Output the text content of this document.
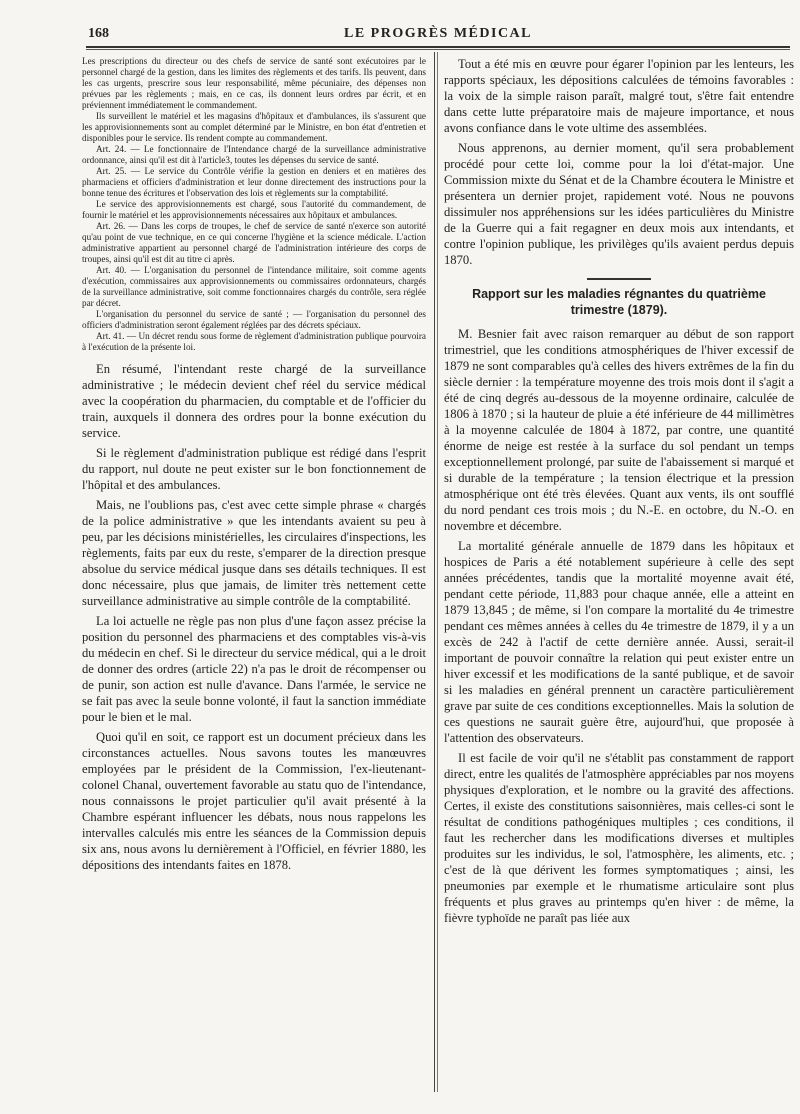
168	LE PROGRÈS MÉDICAL

Les prescriptions du directeur ou des chefs de service de santé sont exécutoires par le personnel chargé de la gestion, dans les limites des règlements et des tarifs. Ils peuvent, dans les cas urgents, prescrire sous leur responsabilité, même pécuniaire, des dépenses non prévues par les règlements ; mais, en ce cas, ils donnent leurs ordres par écrit, et en préviennent immédiatement le commandement.

Ils surveillent le matériel et les magasins d'hôpitaux et d'ambulances, ils s'assurent que les approvisionnements sont au complet déterminé par le Ministre, en bon état d'entretien et disponibles pour le service. Ils rendent compte au commandement.

Art. 24. — Le fonctionnaire de l'Intendance chargé de la surveillance administrative ordonnance, ainsi qu'il est dit à l'article3, toutes les dépenses du service de santé.

Art. 25. — Le service du Contrôle vérifie la gestion en deniers et en matières des pharmaciens et officiers d'administration et leur donne directement des instructions pour la bonne tenue des écritures et l'observation des lois et règlements sur la comptabilité.

Le service des approvisionnements est chargé, sous l'autorité du commandement, de fournir le matériel et les approvisionnements nécessaires aux hôpitaux et ambulances.

Art. 26. — Dans les corps de troupes, le chef de service de santé n'exerce son autorité qu'au point de vue technique, en ce qui concerne l'hygiène et la science médicale. L'action administrative appartient au personnel chargé de l'administration intérieure des corps de troupes, ainsi qu'il est dit au titre ci après.

Art. 40. — L'organisation du personnel de l'intendance militaire, soit comme agents d'exécution, commissaires aux approvisionnements ou commissaires ordonnateurs, chargés de la surveillance administrative, soit comme fonctionnaires chargés du contrôle, sera réglée par décret.

L'organisation du personnel du service de santé ; — l'organisation du personnel des officiers d'administration seront également réglées par des décrets spéciaux.

Art. 41. — Un décret rendu sous forme de règlement d'administration publique pourvoira à l'exécution de la présente loi.

En résumé, l'intendant reste chargé de la surveillance administrative ; le médecin devient chef réel du service médical avec la coopération du pharmacien, du comptable et de l'officier du train, auxquels il donnera des ordres pour la bonne exécution du service.

Si le règlement d'administration publique est rédigé dans l'esprit du rapport, nul doute ne peut exister sur le bon fonctionnement de l'hôpital et des ambulances.

Mais, ne l'oublions pas, c'est avec cette simple phrase « chargés de la police administrative » que les intendants avaient su peu à peu, par les décisions ministérielles, les circulaires d'inspections, les règlements, faits par eux du reste, s'emparer de la direction presque absolue du service médical jusque dans ses détails techniques. Il est donc nécessaire, plus que jamais, de limiter très nettement cette surveillance administrative au simple contrôle de la comptabilité.

La loi actuelle ne règle pas non plus d'une façon assez précise la position du personnel des pharmaciens et des comptables vis-à-vis du médecin en chef. Si le directeur du service médical, qui a le droit de donner des ordres (article 22) n'a pas le droit de récompenser ou de punir, son action est nulle d'avance. Dans l'armée, le service ne se fait pas avec la seule bonne volonté, il faut la sanction immédiate pour le bien et le mal.

Quoi qu'il en soit, ce rapport est un document précieux dans les circonstances actuelles. Nous savons toutes les manœuvres employées par le président de la Commission, l'ex-lieutenant-colonel Chanal, ouvertement favorable au statu quo de l'intendance, nous connaissons le projet particulier qu'il avait présenté à la Chambre espérant influencer les débats, nous nous rappelons les intervalles calculés mis entre les séances de la Commission depuis six ans, nous avons lu dernièrement à l'Officiel, en février 1880, les dépositions des intendants faites en 1878.

Tout a été mis en œuvre pour égarer l'opinion par les lenteurs, les rapports spéciaux, les dépositions calculées de témoins favorables : la voix de la simple raison paraît, malgré tout, s'être fait entendre dans cette lutte préparatoire mais de majeure importance, et nous avons confiance dans le vote ultime des assemblées.

Nous apprenons, au dernier moment, qu'il sera probablement procédé pour cette loi, comme pour la loi d'état-major. Une Commission mixte du Sénat et de la Chambre écoutera le Ministre et présentera un dernier projet, rapidement voté. Nous ne pouvons dissimuler nos appréhensions sur les idées particulières du Ministre de la Guerre qui a fait regagner en deux mois aux intendants, et contre l'opinion publique, les privilèges qu'ils avaient perdus depuis 1870.

Rapport sur les maladies régnantes du quatrième trimestre (1879).

M. Besnier fait avec raison remarquer au début de son rapport trimestriel, que les conditions atmosphériques de l'hiver excessif de 1879 ne sont comparables qu'à celles des hivers extrêmes de la fin du siècle dernier : la température moyenne des trois mois dont il s'agit a été de cinq degrés au-dessous de la moyenne ordinaire, calculée de 1806 à 1870 ; si la hauteur de pluie a été inférieure de 44 millimètres à la moyenne calculée de 1804 à 1872, par contre, une quantité énorme de neige est restée à la surface du sol pendant un temps exceptionnellement prolongé, par suite de l'abaissement si marqué et si durable de la température ; la tension électrique et la pression atmosphérique ont été très élevées. Quant aux vents, ils ont soufflé du nord pendant ces trois mois ; du N.-E. en octobre, du N.-O. en novembre et décembre.

La mortalité générale annuelle de 1879 dans les hôpitaux et hospices de Paris a été notablement supérieure à celle des sept années précédentes, tandis que la mortalité moyenne avait été, pendant cette période, 11,883 pour chaque année, elle a atteint en 1879 13,845 ; de même, si l'on compare la mortalité du 4e trimestre pendant ces mêmes années à celles du 4e trimestre de 1879, il y a un excès de 242 à l'actif de cette dernière année. Aussi, serait-il important de pouvoir connaître la relation qui peut exister entre un hiver excessif et les modifications de la santé publique, et de savoir si les maladies en général prennent un caractère particulièrement grave par suite de ces conditions exceptionnelles. Mais la solution de ces questions ne saurait guère être, aujourd'hui, que proposée à l'attention des observateurs.

Il est facile de voir qu'il ne s'établit pas constamment de rapport direct, entre les qualités de l'atmosphère appréciables par nos moyens physiques d'exploration, et le nombre ou la gravité des affections. Certes, il existe des constitutions saisonnières, mais celles-ci sont le résultat de conditions pathogéniques multiples ; ces conditions, il faut les rechercher dans les modifications diverses et multiples produites sur les individus, le sol, l'atmosphère, les aliments, etc. ; c'est de là que dérivent les formes symptomatiques ; ainsi, les pneumonies par exemple et le rhumatisme articulaire sont plus fréquents et plus graves au printemps qu'en hiver : de même, la fièvre typhoïde ne paraît pas liée aux
